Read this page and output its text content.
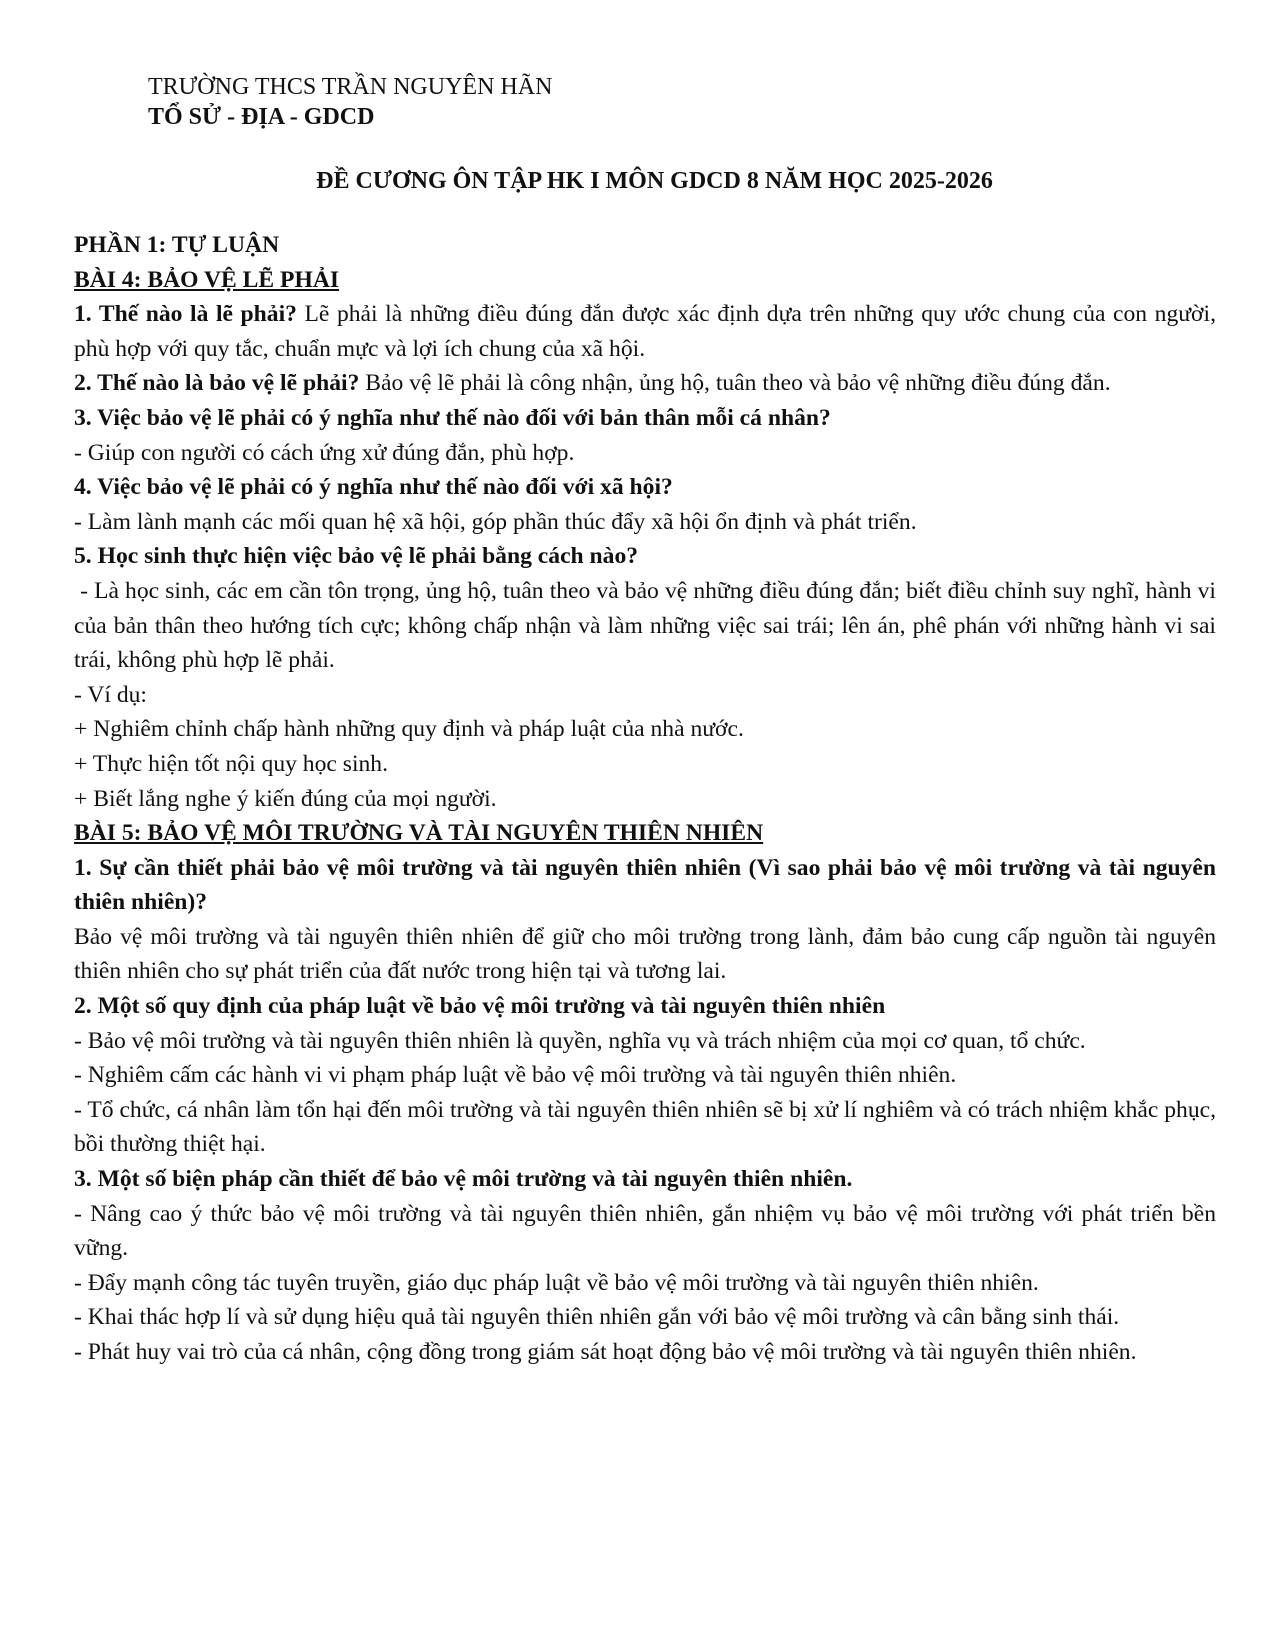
TRƯỜNG THCS TRẦN NGUYÊN HÃN
TỔ SỬ - ĐỊA - GDCD
ĐỀ CƯƠNG ÔN TẬP HK I MÔN GDCD 8 NĂM HỌC 2025-2026

PHẦN 1: TỰ LUẬN

BÀI 4: BẢO VỆ LẼ PHẢI

1. Thế nào là lẽ phải? Lẽ phải là những điều đúng đắn được xác định dựa trên những quy ước chung của con người, phù hợp với quy tắc, chuẩn mực và lợi ích chung của xã hội.

2. Thế nào là bảo vệ lẽ phải? Bảo vệ lẽ phải là công nhận, ủng hộ, tuân theo và bảo vệ những điều đúng đắn.

3. Việc bảo vệ lẽ phải có ý nghĩa như thế nào đối với bản thân mỗi cá nhân?

- Giúp con người có cách ứng xử đúng đắn, phù hợp.

4. Việc bảo vệ lẽ phải có ý nghĩa như thế nào đối với xã hội?

- Làm lành mạnh các mối quan hệ xã hội, góp phần thúc đẩy xã hội ổn định và phát triển.

5. Học sinh thực hiện việc bảo vệ lẽ phải bằng cách nào?

- Là học sinh, các em cần tôn trọng, ủng hộ, tuân theo và bảo vệ những điều đúng đắn; biết điều chỉnh suy nghĩ, hành vi của bản thân theo hướng tích cực; không chấp nhận và làm những việc sai trái; lên án, phê phán với những hành vi sai trái, không phù hợp lẽ phải.

- Ví dụ:

+ Nghiêm chỉnh chấp hành những quy định và pháp luật của nhà nước.

+ Thực hiện tốt nội quy học sinh.

+ Biết lắng nghe ý kiến đúng của mọi người.

BÀI 5: BẢO VỆ MÔI TRƯỜNG VÀ TÀI NGUYÊN THIÊN NHIÊN

1. Sự cần thiết phải bảo vệ môi trường và tài nguyên thiên nhiên (Vì sao phải bảo vệ môi trường và tài nguyên thiên nhiên)?

Bảo vệ môi trường và tài nguyên thiên nhiên để giữ cho môi trường trong lành, đảm bảo cung cấp nguồn tài nguyên thiên nhiên cho sự phát triển của đất nước trong hiện tại và tương lai.

2. Một số quy định của pháp luật về bảo vệ môi trường và tài nguyên thiên nhiên

- Bảo vệ môi trường và tài nguyên thiên nhiên là quyền, nghĩa vụ và trách nhiệm của mọi cơ quan, tổ chức.

- Nghiêm cấm các hành vi vi phạm pháp luật về bảo vệ môi trường và tài nguyên thiên nhiên.

- Tổ chức, cá nhân làm tổn hại đến môi trường và tài nguyên thiên nhiên sẽ bị xử lí nghiêm và có trách nhiệm khắc phục, bồi thường thiệt hại.

3. Một số biện pháp cần thiết để bảo vệ môi trường và tài nguyên thiên nhiên.

- Nâng cao ý thức bảo vệ môi trường và tài nguyên thiên nhiên, gắn nhiệm vụ bảo vệ môi trường với phát triển bền vững.

- Đẩy mạnh công tác tuyên truyền, giáo dục pháp luật về bảo vệ môi trường và tài nguyên thiên nhiên.

- Khai thác hợp lí và sử dụng hiệu quả tài nguyên thiên nhiên gắn với bảo vệ môi trường và cân bằng sinh thái.

- Phát huy vai trò của cá nhân, cộng đồng trong giám sát hoạt động bảo vệ môi trường và tài nguyên thiên nhiên.
